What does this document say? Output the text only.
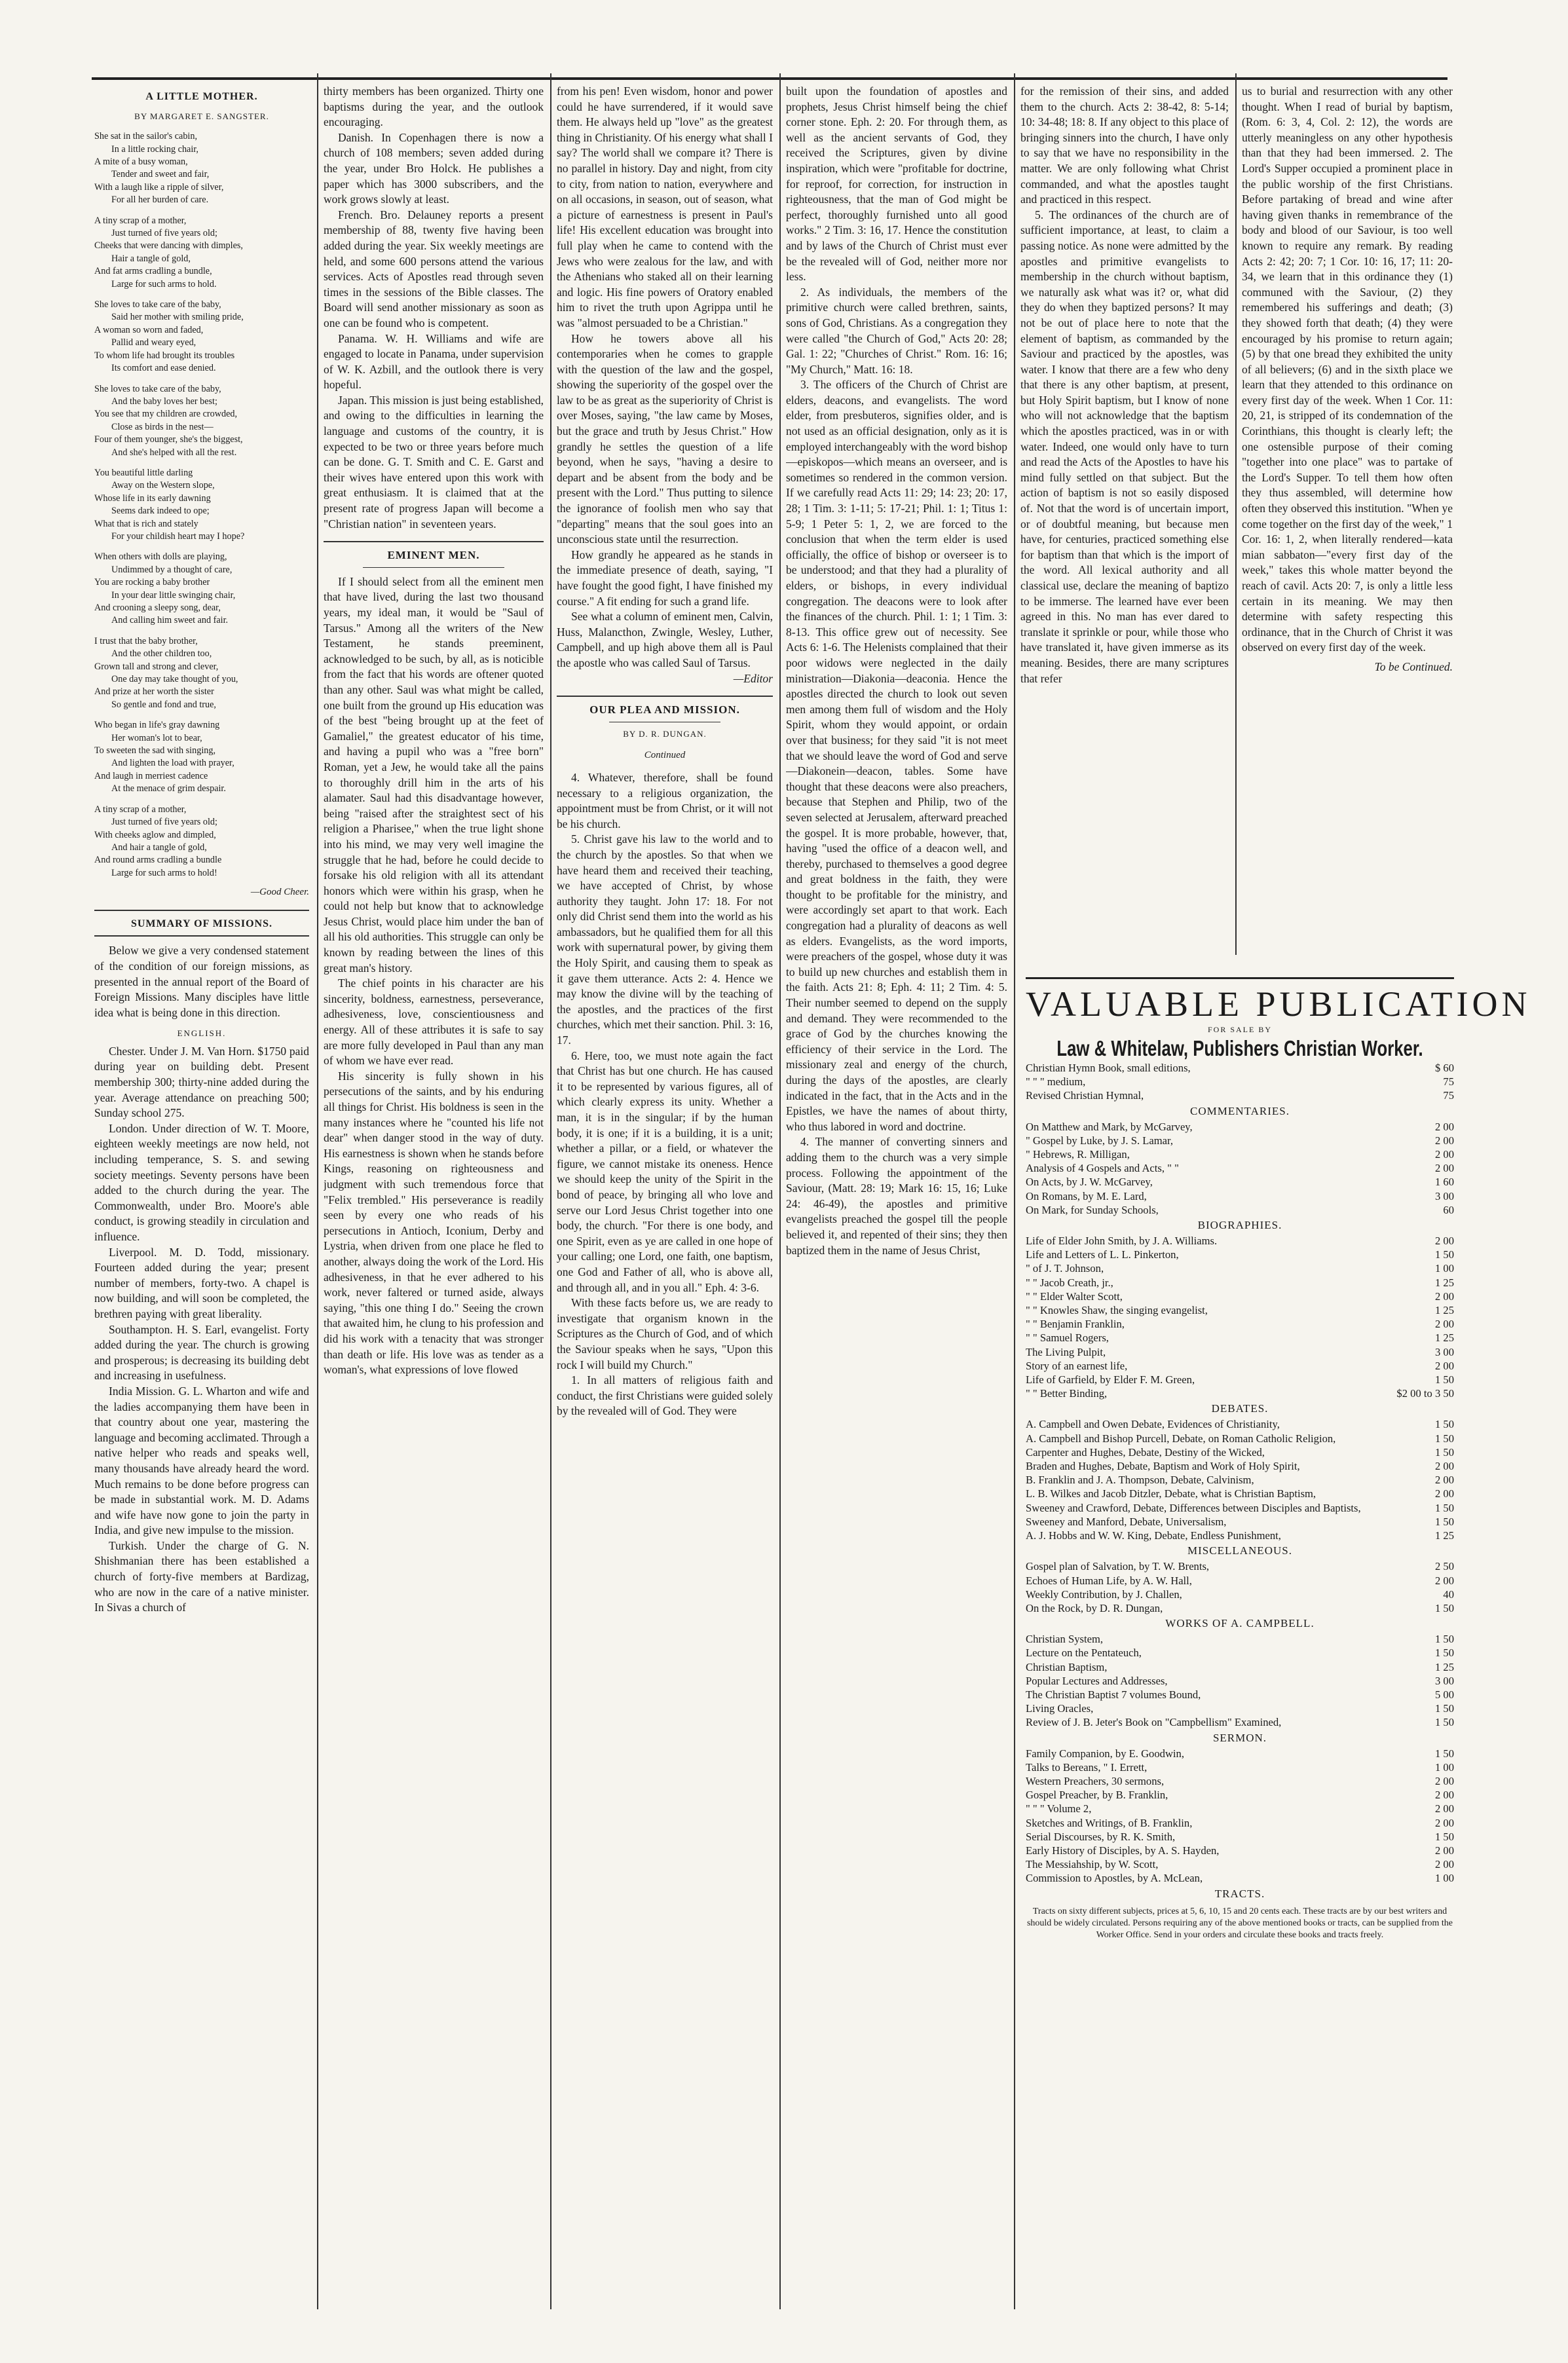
A LITTLE MOTHER.
BY MARGARET E. SANGSTER.
She sat in the sailor's cabin,
In a little rocking chair,
A mite of a busy woman,
Tender and sweet and fair,
With a laugh like a ripple of silver,
For all her burden of care.
A tiny scrap of a mother,
Just turned of five years old;
Cheeks that were dancing with dimples,
Hair a tangle of gold,
And fat arms cradling a bundle,
Large for such arms to hold.
She loves to take care of the baby,
Said her mother with smiling pride,
A woman so worn and faded,
Pallid and weary eyed,
To whom life had brought its troubles
Its comfort and ease denied.
She loves to take care of the baby,
And the baby loves her best;
You see that my children are crowded,
Close as birds in the nest—
Four of them younger, she's the biggest,
And she's helped with all the rest.
You beautiful little darling
Away on the Western slope,
Whose life in its early dawning
Seems dark indeed to ope;
What that is rich and stately
For your childish heart may I hope?
When others with dolls are playing,
Undimmed by a thought of care,
You are rocking a baby brother
In your dear little swinging chair,
And crooning a sleepy song, dear,
And calling him sweet and fair.
I trust that the baby brother,
And the other children too,
Grown tall and strong and clever,
One day may take thought of you,
And prize at her worth the sister
So gentle and fond and true,
Who began in life's gray dawning
Her woman's lot to bear,
To sweeten the sad with singing,
And lighten the load with prayer,
And laugh in merriest cadence
At the menace of grim despair.
A tiny scrap of a mother,
Just turned of five years old;
With cheeks aglow and dimpled,
And hair a tangle of gold,
And round arms cradling a bundle
Large for such arms to hold!
—Good Cheer.
SUMMARY OF MISSIONS.

Below we give a very condensed statement of the condition of our foreign missions, as presented in the annual report of the Board of Foreign Missions. Many disciples have little idea what is being done in this direction.

ENGLISH.

Chester. Under J. M. Van Horn. $1750 paid during year on building debt. Present membership 300; thirty-nine added during the year. Average attendance on preaching 500; Sunday school 275.

London. Under direction of W. T. Moore, eighteen weekly meetings are now held, not including temperance, S. S. and sewing society meetings. Seventy persons have been added to the church during the year. The Commonwealth, under Bro. Moore's able conduct, is growing steadily in circulation and influence.

Liverpool. M. D. Todd, missionary. Fourteen added during the year; present number of members, forty-two. A chapel is now building, and will soon be completed, the brethren paying with great liberality.

Southampton. H. S. Earl, evangelist. Forty added during the year. The church is growing and prosperous; is decreasing its building debt and increasing in usefulness.

India Mission. G. L. Wharton and wife and the ladies accompanying them have been in that country about one year, mastering the language and becoming acclimated. Through a native helper who reads and speaks well, many thousands have already heard the word. Much remains to be done before progress can be made in substantial work. M. D. Adams and wife have now gone to join the party in India, and give new impulse to the mission.

Turkish. Under the charge of G. N. Shishmanian there has been established a church of forty-five members at Bardizag, who are now in the care of a native minister. In Sivas a church of

thirty members has been organized. Thirty one baptisms during the year, and the outlook encouraging.

Danish. In Copenhagen there is now a church of 108 members; seven added during the year, under Bro Holck. He publishes a paper which has 3000 subscribers, and the work grows slowly at least.

French. Bro. Delauney reports a present membership of 88, twenty five having been added during the year. Six weekly meetings are held, and some 600 persons attend the various services. Acts of Apostles read through seven times in the sessions of the Bible classes. The Board will send another missionary as soon as one can be found who is competent.

Panama. W. H. Williams and wife are engaged to locate in Panama, under supervision of W. K. Azbill, and the outlook there is very hopeful.

Japan. This mission is just being established, and owing to the difficulties in learning the language and customs of the country, it is expected to be two or three years before much can be done. G. T. Smith and C. E. Garst and their wives have entered upon this work with great enthusiasm. It is claimed that at the present rate of progress Japan will become a "Christian nation" in seventeen years.

EMINENT MEN.

If I should select from all the eminent men that have lived, during the last two thousand years, my ideal man, it would be "Saul of Tarsus." Among all the writers of the New Testament, he stands preeminent, acknowledged to be such, by all, as is noticible from the fact that his words are oftener quoted than any other. Saul was what might be called, one built from the ground up His education was of the best "being brought up at the feet of Gamaliel," the greatest educator of his time, and having a pupil who was a "free born" Roman, yet a Jew, he would take all the pains to thoroughly drill him in the arts of his alamater. Saul had this disadvantage however, being "raised after the straightest sect of his religion a Pharisee," when the true light shone into his mind, we may very well imagine the struggle that he had, before he could decide to forsake his old religion with all its attendant honors which were within his grasp, when he could not help but know that to acknowledge Jesus Christ, would place him under the ban of all his old authorities. This struggle can only be known by reading between the lines of this great man's history.

The chief points in his character are his sincerity, boldness, earnestness, perseverance, adhesiveness, love, conscientiousness and energy. All of these attributes it is safe to say are more fully developed in Paul than any man of whom we have ever read.

His sincerity is fully shown in his persecutions of the saints, and by his enduring all things for Christ. His boldness is seen in the many instances where he "counted his life not dear" when danger stood in the way of duty. His earnestness is shown when he stands before Kings, reasoning on righteousness and judgment with such tremendous force that "Felix trembled." His perseverance is readily seen by every one who reads of his persecutions in Antioch, Iconium, Derby and Lystria, when driven from one place he fled to another, always doing the work of the Lord. His adhesiveness, in that he ever adhered to his work, never faltered or turned aside, always saying, "this one thing I do." Seeing the crown that awaited him, he clung to his profession and did his work with a tenacity that was stronger than death or life. His love was as tender as a woman's, what expressions of love flowed

from his pen! Even wisdom, honor and power could he have surrendered, if it would save them. He always held up "love" as the greatest thing in Christianity. Of his energy what shall I say? The world shall we compare it? There is no parallel in history. Day and night, from city to city, from nation to nation, everywhere and on all occasions, in season, out of season, what a picture of earnestness is present in Paul's life! His excellent education was brought into full play when he came to contend with the Jews who were zealous for the law, and with the Athenians who staked all on their learning and logic. His fine powers of Oratory enabled him to rivet the truth upon Agrippa until he was "almost persuaded to be a Christian."

How he towers above all his contemporaries when he comes to grapple with the question of the law and the gospel, showing the superiority of the gospel over the law to be as great as the superiority of Christ is over Moses, saying, "the law came by Moses, but the grace and truth by Jesus Christ." How grandly he settles the question of a life beyond, when he says, "having a desire to depart and be absent from the body and be present with the Lord." Thus putting to silence the ignorance of foolish men who say that "departing" means that the soul goes into an unconscious state until the resurrection.

How grandly he appeared as he stands in the immediate presence of death, saying, "I have fought the good fight, I have finished my course." A fit ending for such a grand life.

See what a column of eminent men, Calvin, Huss, Malancthon, Zwingle, Wesley, Luther, Campbell, and up high above them all is Paul the apostle who was called Saul of Tarsus.

—Editor
OUR PLEA AND MISSION.
BY D. R. DUNGAN.
Continued

4. Whatever, therefore, shall be found necessary to a religious organization, the appointment must be from Christ, or it will not be his church.

5. Christ gave his law to the world and to the church by the apostles. So that when we have heard them and received their teaching, we have accepted of Christ, by whose authority they taught. John 17: 18. For not only did Christ send them into the world as his ambassadors, but he qualified them for all this work with supernatural power, by giving them the Holy Spirit, and causing them to speak as it gave them utterance. Acts 2: 4. Hence we may know the divine will by the teaching of the apostles, and the practices of the first churches, which met their sanction. Phil. 3: 16, 17.

6. Here, too, we must note again the fact that Christ has but one church. He has caused it to be represented by various figures, all of which clearly express its unity. Whether a man, it is in the singular; if by the human body, it is one; if it is a building, it is a unit; whether a pillar, or a field, or whatever the figure, we cannot mistake its oneness. Hence we should keep the unity of the Spirit in the bond of peace, by bringing all who love and serve our Lord Jesus Christ together into one body, the church. "For there is one body, and one Spirit, even as ye are called in one hope of your calling; one Lord, one faith, one baptism, one God and Father of all, who is above all, and through all, and in you all." Eph. 4: 3-6.

With these facts before us, we are ready to investigate that organism known in the Scriptures as the Church of God, and of which the Saviour speaks when he says, "Upon this rock I will build my Church."

1. In all matters of religious faith and conduct, the first Christians were guided solely by the revealed will of God. They were

built upon the foundation of apostles and prophets, Jesus Christ himself being the chief corner stone. Eph. 2: 20. For through them, as well as the ancient servants of God, they received the Scriptures, given by divine inspiration, which were "profitable for doctrine, for reproof, for correction, for instruction in righteousness, that the man of God might be perfect, thoroughly furnished unto all good works." 2 Tim. 3: 16, 17. Hence the constitution and by laws of the Church of Christ must ever be the revealed will of God, neither more nor less.

2. As individuals, the members of the primitive church were called brethren, saints, sons of God, Christians. As a congregation they were called "the Church of God," Acts 20: 28; Gal. 1: 22; "Churches of Christ." Rom. 16: 16; "My Church," Matt. 16: 18.

3. The officers of the Church of Christ are elders, deacons, and evangelists. The word elder, from presbuteros, signifies older, and is not used as an official designation, only as it is employed interchangeably with the word bishop—episkopos—which means an overseer, and is sometimes so rendered in the common version. If we carefully read Acts 11: 29; 14: 23; 20: 17, 28; 1 Tim. 3: 1-11; 5: 17-21; Phil. 1: 1; Titus 1: 5-9; 1 Peter 5: 1, 2, we are forced to the conclusion that when the term elder is used officially, the office of bishop or overseer is to be understood; and that they had a plurality of elders, or bishops, in every individual congregation. The deacons were to look after the finances of the church. Phil. 1: 1; 1 Tim. 3: 8-13. This office grew out of necessity. See Acts 6: 1-6. The Helenists complained that their poor widows were neglected in the daily ministration—Diakonia—deaconia. Hence the apostles directed the church to look out seven men among them full of wisdom and the Holy Spirit, whom they would appoint, or ordain over that business; for they said "it is not meet that we should leave the word of God and serve—Diakonein—deacon, tables. Some have thought that these deacons were also preachers, because that Stephen and Philip, two of the seven selected at Jerusalem, afterward preached the gospel. It is more probable, however, that, having "used the office of a deacon well, and thereby, purchased to themselves a good degree and great boldness in the faith, they were thought to be profitable for the ministry, and were accordingly set apart to that work. Each congregation had a plurality of deacons as well as elders. Evangelists, as the word imports, were preachers of the gospel, whose duty it was to build up new churches and establish them in the faith. Acts 21: 8; Eph. 4: 11; 2 Tim. 4: 5. Their number seemed to depend on the supply and demand. They were recommended to the grace of God by the churches knowing the efficiency of their service in the Lord. The missionary zeal and energy of the church, during the days of the apostles, are clearly indicated in the fact, that in the Acts and in the Epistles, we have the names of about thirty, who thus labored in word and doctrine.

4. The manner of converting sinners and adding them to the church was a very simple process. Following the appointment of the Saviour, (Matt. 28: 19; Mark 16: 15, 16; Luke 24: 46-49), the apostles and primitive evangelists preached the gospel till the people believed it, and repented of their sins; they then baptized them in the name of Jesus Christ,

for the remission of their sins, and added them to the church. Acts 2: 38-42, 8: 5-14; 10: 34-48; 18: 8. If any object to this place of bringing sinners into the church, I have only to say that we have no responsibility in the matter. We are only following what Christ commanded, and what the apostles taught and practiced in this respect.

5. The ordinances of the church are of sufficient importance, at least, to claim a passing notice. As none were admitted by the apostles and primitive evangelists to membership in the church without baptism, we naturally ask what was it? or, what did they do when they baptized persons? It may not be out of place here to note that the element of baptism, as commanded by the Saviour and practiced by the apostles, was water. I know that there are a few who deny that there is any other baptism, at present, but Holy Spirit baptism, but I know of none who will not acknowledge that the baptism which the apostles practiced, was in or with water. Indeed, one would only have to turn and read the Acts of the Apostles to have his mind fully settled on that subject. But the action of baptism is not so easily disposed of. Not that the word is of uncertain import, or of doubtful meaning, but because men have, for centuries, practiced something else for baptism than that which is the import of the word. All lexical authority and all classical use, declare the meaning of baptizo to be immerse. The learned have ever been agreed in this. No man has ever dared to translate it sprinkle or pour, while those who have translated it, have given immerse as its meaning. Besides, there are many scriptures that refer

us to burial and resurrection with any other thought. When I read of burial by baptism, (Rom. 6: 3, 4, Col. 2: 12), the words are utterly meaningless on any other hypothesis than that they had been immersed. 2. The Lord's Supper occupied a prominent place in the public worship of the first Christians. Before partaking of bread and wine after having given thanks in remembrance of the body and blood of our Saviour, is too well known to require any remark. By reading Acts 2: 42; 20: 7; 1 Cor. 10: 16, 17; 11: 20-34, we learn that in this ordinance they (1) communed with the Saviour, (2) they remembered his sufferings and death; (3) they showed forth that death; (4) they were encouraged by his promise to return again; (5) by that one bread they exhibited the unity of all believers; (6) and in the sixth place we learn that they attended to this ordinance on every first day of the week. When 1 Cor. 11: 20, 21, is stripped of its condemnation of the Corinthians, this thought is clearly left; the one ostensible purpose of their coming "together into one place" was to partake of the Lord's Supper. To tell them how often they thus assembled, will determine how often they observed this institution. "When ye come together on the first day of the week," 1 Cor. 16: 1, 2, when literally rendered—kata mian sabbaton—"every first day of the week," takes this whole matter beyond the reach of cavil. Acts 20: 7, is only a little less certain in its meaning. We may then determine with safety respecting this ordinance, that in the Church of Christ it was observed on every first day of the week.

To be Continued.
VALUABLE PUBLICATION
FOR SALE BY
Law & Whitelaw, Publishers Christian Worker.
Christian Hymn Book, small editions,	$ 60
" " " medium,	75
Revised Christian Hymnal,	75
COMMENTARIES.
On Matthew and Mark, by McGarvey,	2 00
" Gospel by Luke, by J. S. Lamar,	2 00
" Hebrews, R. Milligan,	2 00
Analysis of 4 Gospels and Acts, " "	2 00
On Acts, by J. W. McGarvey,	1 60
On Romans, by M. E. Lard,	3 00
On Mark, for Sunday Schools,	60
BIOGRAPHIES.
Life of Elder John Smith, by J. A. Williams.	2 00
Life and Letters of L. L. Pinkerton,	1 50
" of J. T. Johnson,	1 00
" " Jacob Creath, jr.,	1 25
" " Elder Walter Scott,	2 00
" " Knowles Shaw, the singing evangelist,	1 25
" " Benjamin Franklin,	2 00
" " Samuel Rogers,	1 25
The Living Pulpit,	3 00
Story of an earnest life,	2 00
Life of Garfield, by Elder F. M. Green,	1 50
" " Better Binding,	$2 00 to 3 50
DEBATES.
A. Campbell and Owen Debate, Evidences of Christianity,	1 50
A. Campbell and Bishop Purcell, Debate, on Roman Catholic Religion,	1 50
Carpenter and Hughes, Debate, Destiny of the Wicked,	1 50
Braden and Hughes, Debate, Baptism and Work of Holy Spirit,	2 00
B. Franklin and J. A. Thompson, Debate, Calvinism,	2 00
L. B. Wilkes and Jacob Ditzler, Debate, what is Christian Baptism,	2 00
Sweeney and Crawford, Debate, Differences between Disciples and Baptists,	1 50
Sweeney and Manford, Debate, Universalism,	1 50
A. J. Hobbs and W. W. King, Debate, Endless Punishment,	1 25
MISCELLANEOUS.
Gospel plan of Salvation, by T. W. Brents,	2 50
Echoes of Human Life, by A. W. Hall,	2 00
Weekly Contribution, by J. Challen,	40
On the Rock, by D. R. Dungan,	1 50
WORKS OF A. CAMPBELL.
Christian System,	1 50
Lecture on the Pentateuch,	1 50
Christian Baptism,	1 25
Popular Lectures and Addresses,	3 00
The Christian Baptist 7 volumes Bound,	5 00
Living Oracles,	1 50
Review of J. B. Jeter's Book on "Campbellism" Examined,	1 50
SERMON.
Family Companion, by E. Goodwin,	1 50
Talks to Bereans, " I. Errett,	1 00
Western Preachers, 30 sermons,	2 00
Gospel Preacher, by B. Franklin,	2 00
" " " Volume 2,	2 00
Sketches and Writings, of B. Franklin,	2 00
Serial Discourses, by R. K. Smith,	1 50
Early History of Disciples, by A. S. Hayden,	2 00
The Messiahship, by W. Scott,	2 00
Commission to Apostles, by A. McLean,	1 00
TRACTS.
Tracts on sixty different subjects, prices at 5, 6, 10, 15 and 20 cents each. These tracts are by our best writers and should be widely circulated. Persons requiring any of the above mentioned books or tracts, can be supplied from the Worker Office. Send in your orders and circulate these books and tracts freely.
